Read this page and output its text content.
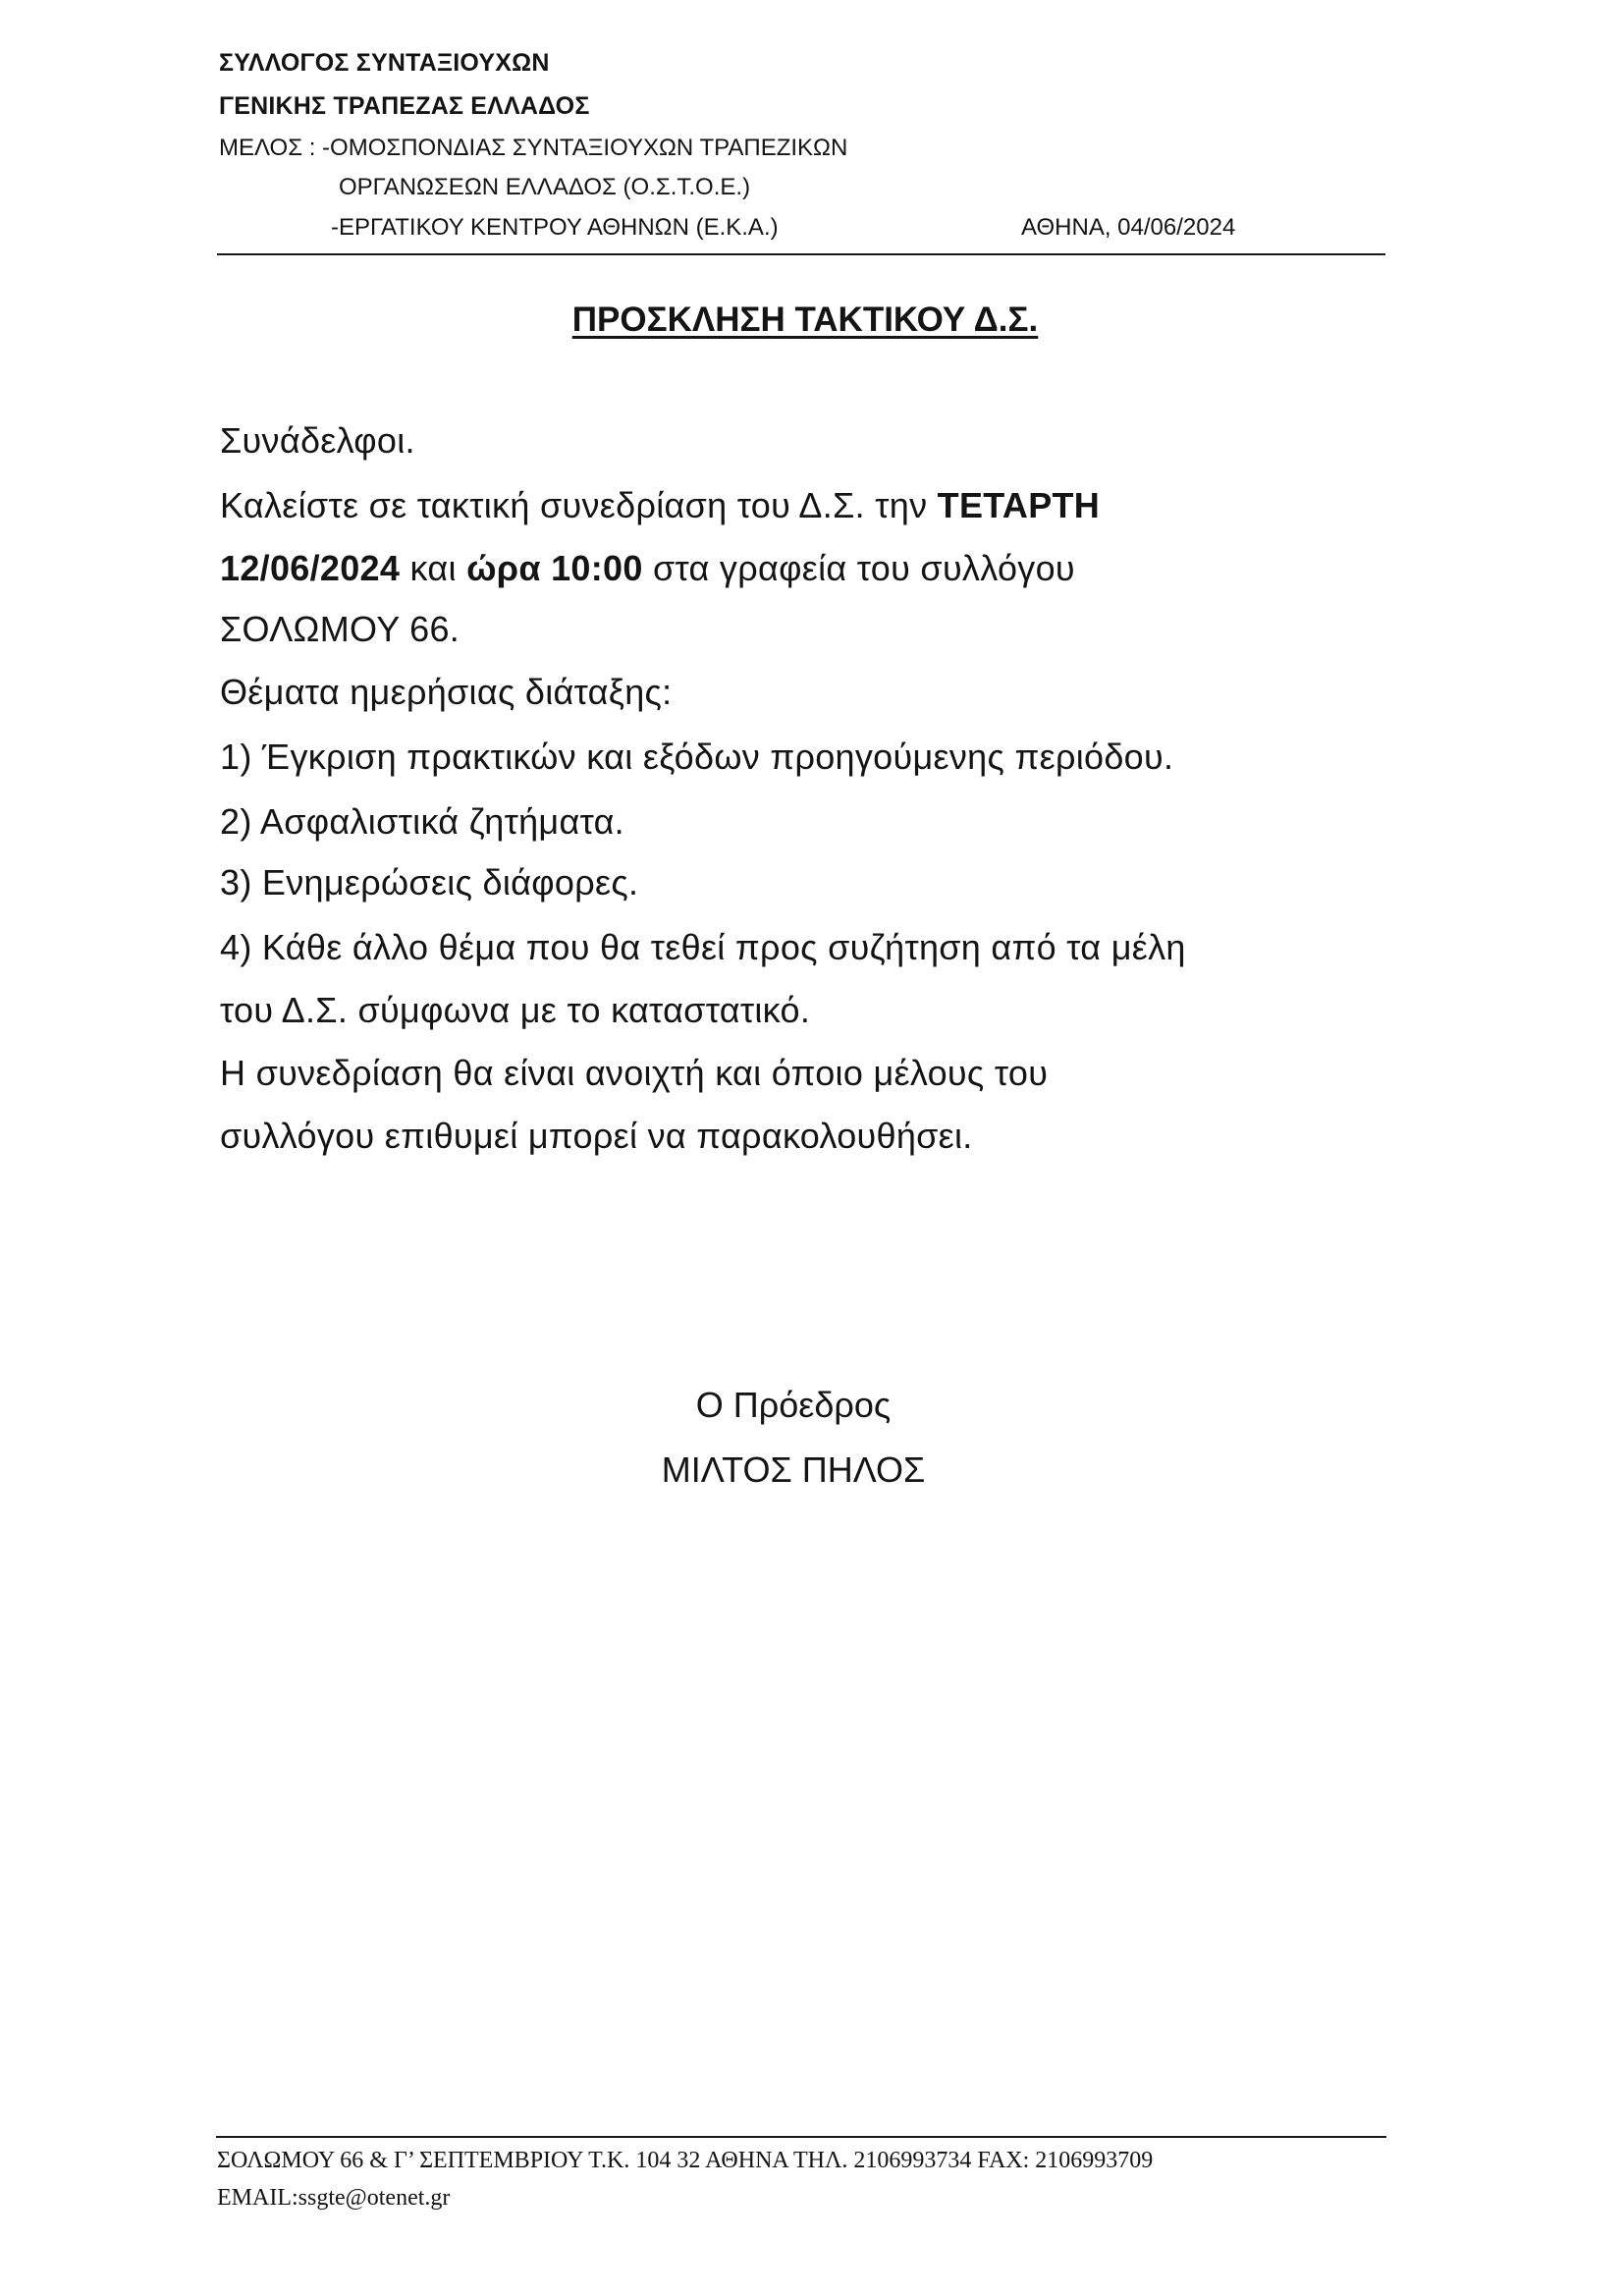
ΣΥΛΛΟΓΟΣ ΣΥΝΤΑΞΙΟΥΧΩΝ
ΓΕΝΙΚΗΣ ΤΡΑΠΕΖΑΣ ΕΛΛΑΔΟΣ
ΜΕΛΟΣ : -ΟΜΟΣΠΟΝΔΙΑΣ ΣΥΝΤΑΞΙΟΥΧΩΝ ΤΡΑΠΕΖΙΚΩΝ
ΟΡΓΑΝΩΣΕΩΝ ΕΛΛΑΔΟΣ (Ο.Σ.Τ.Ο.Ε.)
-ΕΡΓΑΤΙΚΟΥ ΚΕΝΤΡΟΥ ΑΘΗΝΩΝ (Ε.Κ.Α.)	ΑΘΗΝΑ, 04/06/2024
ΠΡΟΣΚΛΗΣΗ ΤΑΚΤΙΚΟΥ Δ.Σ.
Συνάδελφοι.
Καλείστε σε τακτική συνεδρίαση του Δ.Σ. την ΤΕΤΑΡΤΗ
12/06/2024 και ώρα 10:00 στα γραφεία του συλλόγου
ΣΟΛΩΜΟΥ 66.
Θέματα ημερήσιας διάταξης:
1) Έγκριση πρακτικών και εξόδων προηγούμενης περιόδου.
2) Ασφαλιστικά ζητήματα.
3) Ενημερώσεις διάφορες.
4) Κάθε άλλο θέμα που θα τεθεί προς συζήτηση από τα μέλη
του Δ.Σ. σύμφωνα με το καταστατικό.
Η συνεδρίαση θα είναι ανοιχτή και όποιο μέλους του
συλλόγου επιθυμεί μπορεί να παρακολουθήσει.
Ο Πρόεδρος
ΜΙΛΤΟΣ ΠΗΛΟΣ
ΣΟΛΩΜΟΥ 66 & Γ’ ΣΕΠΤΕΜΒΡΙΟΥ Τ.Κ. 104 32 ΑΘΗΝΑ ΤΗΛ. 2106993734 FAX: 2106993709
EMAIL:ssgte@otenet.gr
